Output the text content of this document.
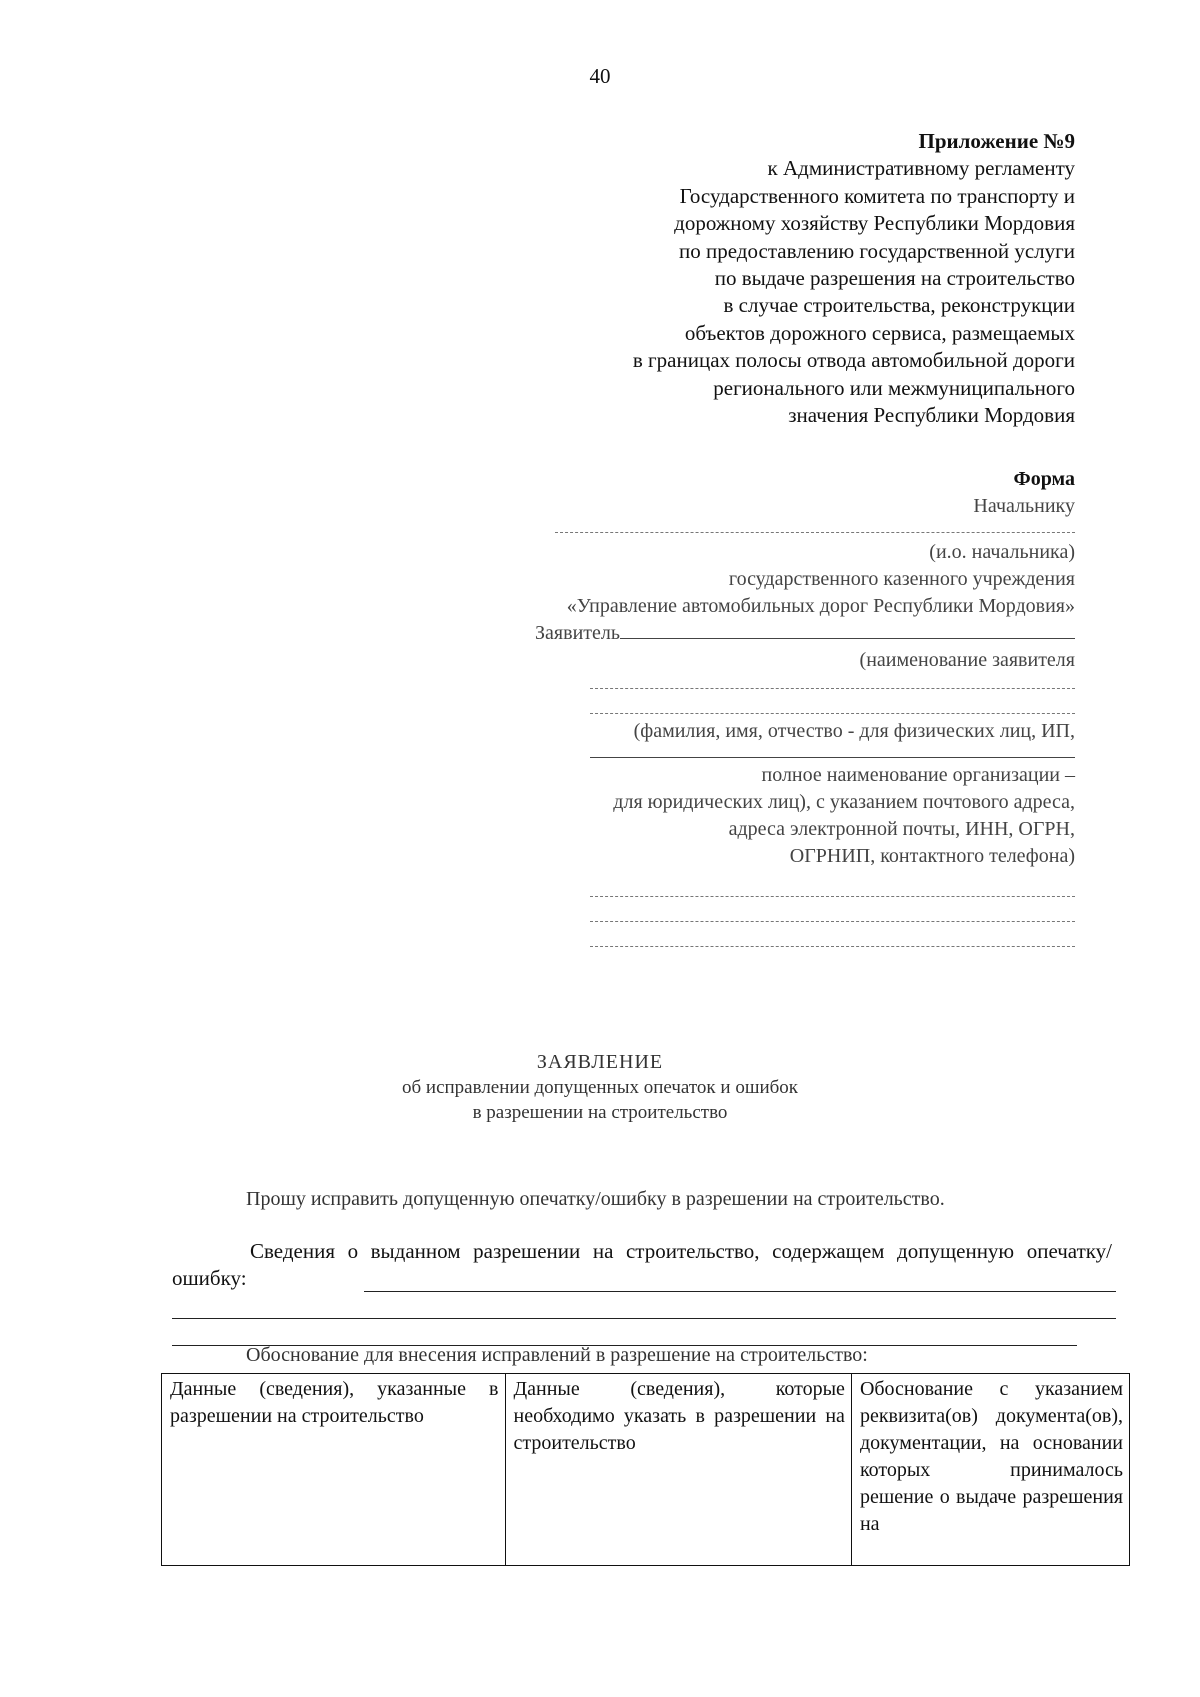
40
Приложение №9
к Административному регламенту
Государственного комитета по транспорту и
дорожному хозяйству Республики Мордовия
по предоставлению государственной услуги
по выдаче разрешения на строительство
в случае строительства, реконструкции
объектов дорожного сервиса, размещаемых
в границах полосы отвода автомобильной дороги
регионального или межмуниципального
значения Республики Мордовия
Форма
Начальнику
(и.о. начальника)
государственного казенного учреждения
«Управление автомобильных дорог Республики Мордовия»
Заявитель
(наименование заявителя
(фамилия, имя, отчество - для физических лиц, ИП,
полное наименование организации –
для юридических лиц), с указанием почтового адреса,
адреса электронной почты, ИНН, ОГРН,
ОГРНИП, контактного телефона)
ЗАЯВЛЕНИЕ
об исправлении допущенных опечаток и ошибок
в разрешении на строительство
Прошу исправить допущенную опечатку/ошибку в разрешении на строительство.
Сведения о выданном разрешении на строительство, содержащем допущенную опечатку/ошибку:
Обоснование для внесения исправлений в разрешение на строительство:
Данные (сведения), указанные в разрешении на строительство	Данные (сведения), которые необходимо указать в разрешении на строительство	Обоснование с указанием реквизита(ов) документа(ов), документации, на основании которых принималось решение о выдаче разрешения на
